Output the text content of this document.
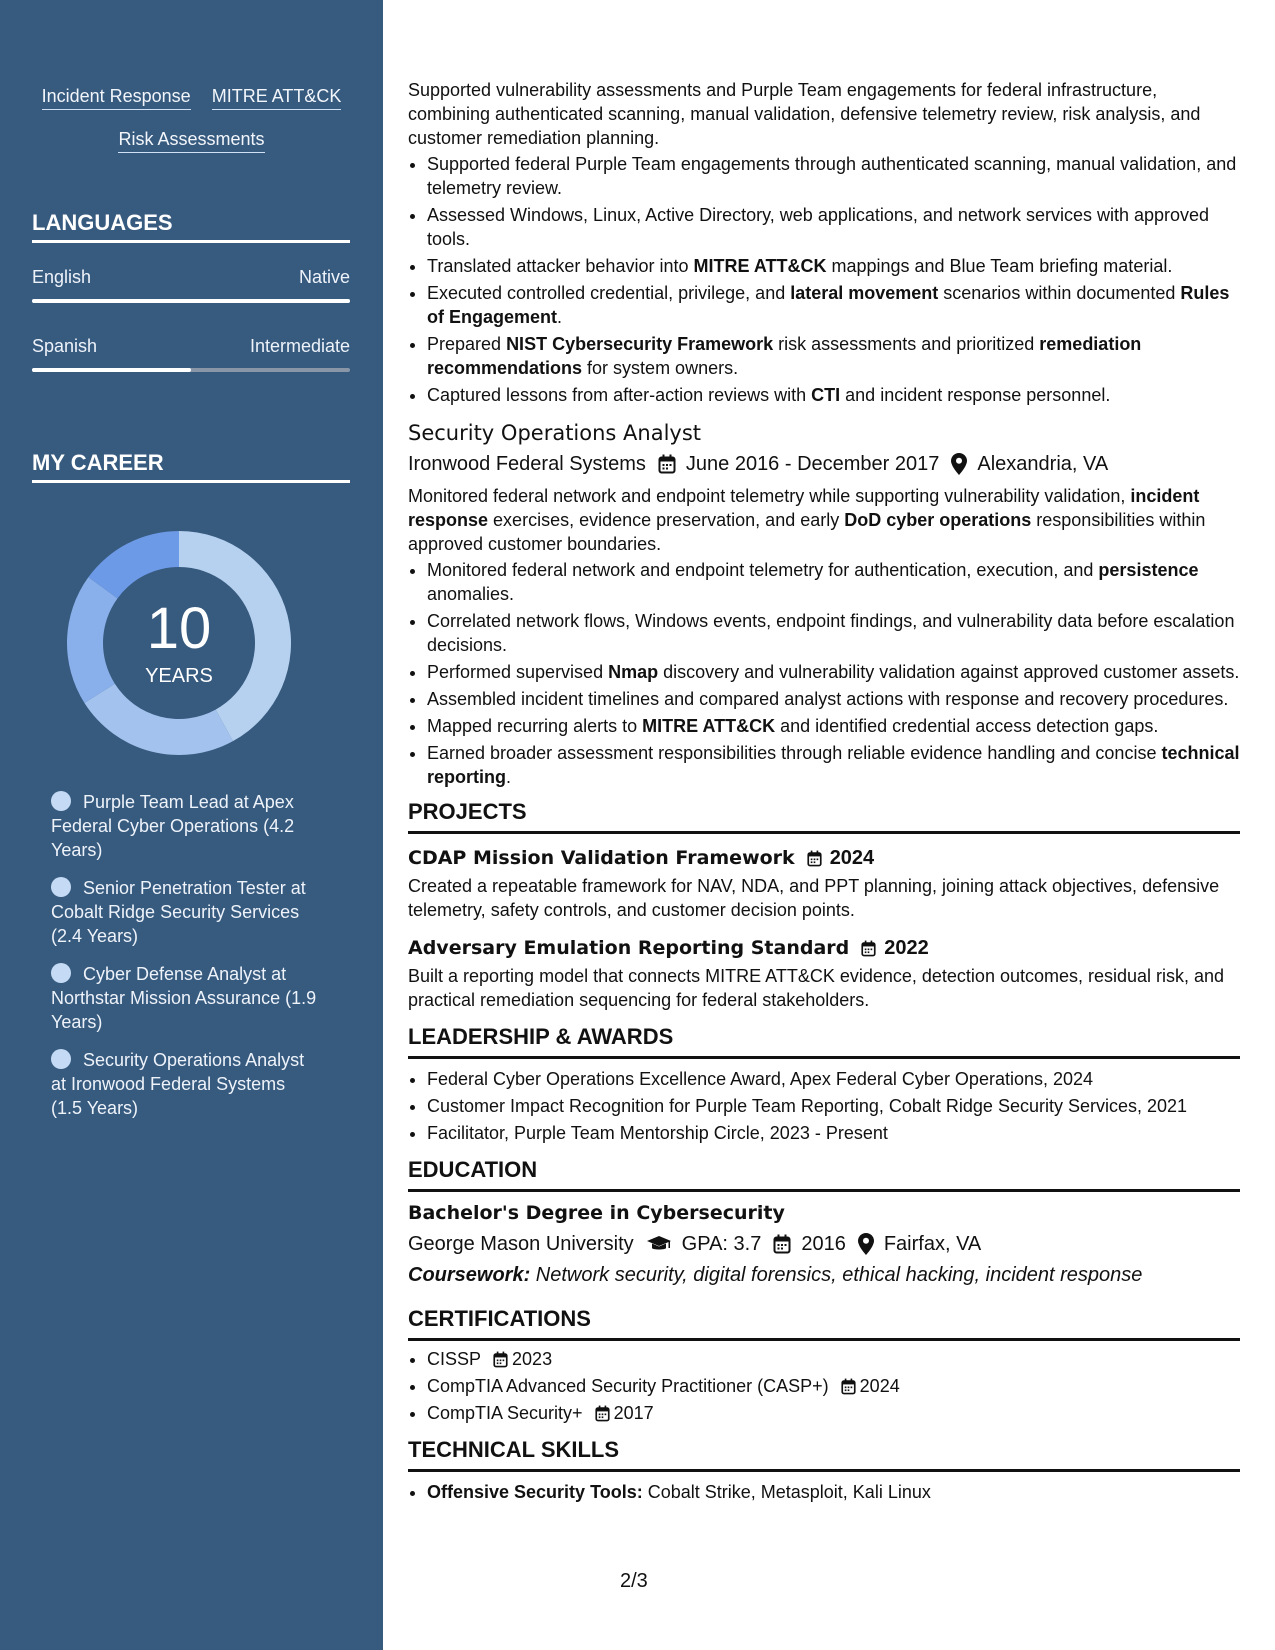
Incident Response MITRE ATT&CK
Risk Assessments
LANGUAGES
English	Native
Spanish	Intermediate
MY CAREER
10
YEARS
Purple Team Lead at Apex Federal Cyber Operations (4.2 Years)
Senior Penetration Tester at Cobalt Ridge Security Services (2.4 Years)
Cyber Defense Analyst at Northstar Mission Assurance (1.9 Years)
Security Operations Analyst at Ironwood Federal Systems (1.5 Years)

Supported vulnerability assessments and Purple Team engagements for federal infrastructure, combining authenticated scanning, manual validation, defensive telemetry review, risk analysis, and customer remediation planning.

• Supported federal Purple Team engagements through authenticated scanning, manual validation, and telemetry review.
• Assessed Windows, Linux, Active Directory, web applications, and network services with approved tools.
• Translated attacker behavior into MITRE ATT&CK mappings and Blue Team briefing material.
• Executed controlled credential, privilege, and lateral movement scenarios within documented Rules of Engagement.
• Prepared NIST Cybersecurity Framework risk assessments and prioritized remediation recommendations for system owners.
• Captured lessons from after-action reviews with CTI and incident response personnel.
Security Operations Analyst
Ironwood Federal Systems June 2016 - December 2017 Alexandria, VA

Monitored federal network and endpoint telemetry while supporting vulnerability validation, incident response exercises, evidence preservation, and early DoD cyber operations responsibilities within approved customer boundaries.

• Monitored federal network and endpoint telemetry for authentication, execution, and persistence anomalies.
• Correlated network flows, Windows events, endpoint findings, and vulnerability data before escalation decisions.
• Performed supervised Nmap discovery and vulnerability validation against approved customer assets.
• Assembled incident timelines and compared analyst actions with response and recovery procedures.
• Mapped recurring alerts to MITRE ATT&CK and identified credential access detection gaps.
• Earned broader assessment responsibilities through reliable evidence handling and concise technical reporting.
PROJECTS
CDAP Mission Validation Framework 2024

Created a repeatable framework for NAV, NDA, and PPT planning, joining attack objectives, defensive telemetry, safety controls, and customer decision points.

Adversary Emulation Reporting Standard 2022

Built a reporting model that connects MITRE ATT&CK evidence, detection outcomes, residual risk, and practical remediation sequencing for federal stakeholders.

LEADERSHIP & AWARDS
• Federal Cyber Operations Excellence Award, Apex Federal Cyber Operations, 2024
• Customer Impact Recognition for Purple Team Reporting, Cobalt Ridge Security Services, 2021
• Facilitator, Purple Team Mentorship Circle, 2023 - Present
EDUCATION
Bachelor's Degree in Cybersecurity
George Mason University GPA: 3.7 2016 Fairfax, VA
Coursework: Network security, digital forensics, ethical hacking, incident response
CERTIFICATIONS
• CISSP 2023
• CompTIA Advanced Security Practitioner (CASP+) 2024
• CompTIA Security+ 2017
TECHNICAL SKILLS
• Offensive Security Tools: Cobalt Strike, Metasploit, Kali Linux
2/3
